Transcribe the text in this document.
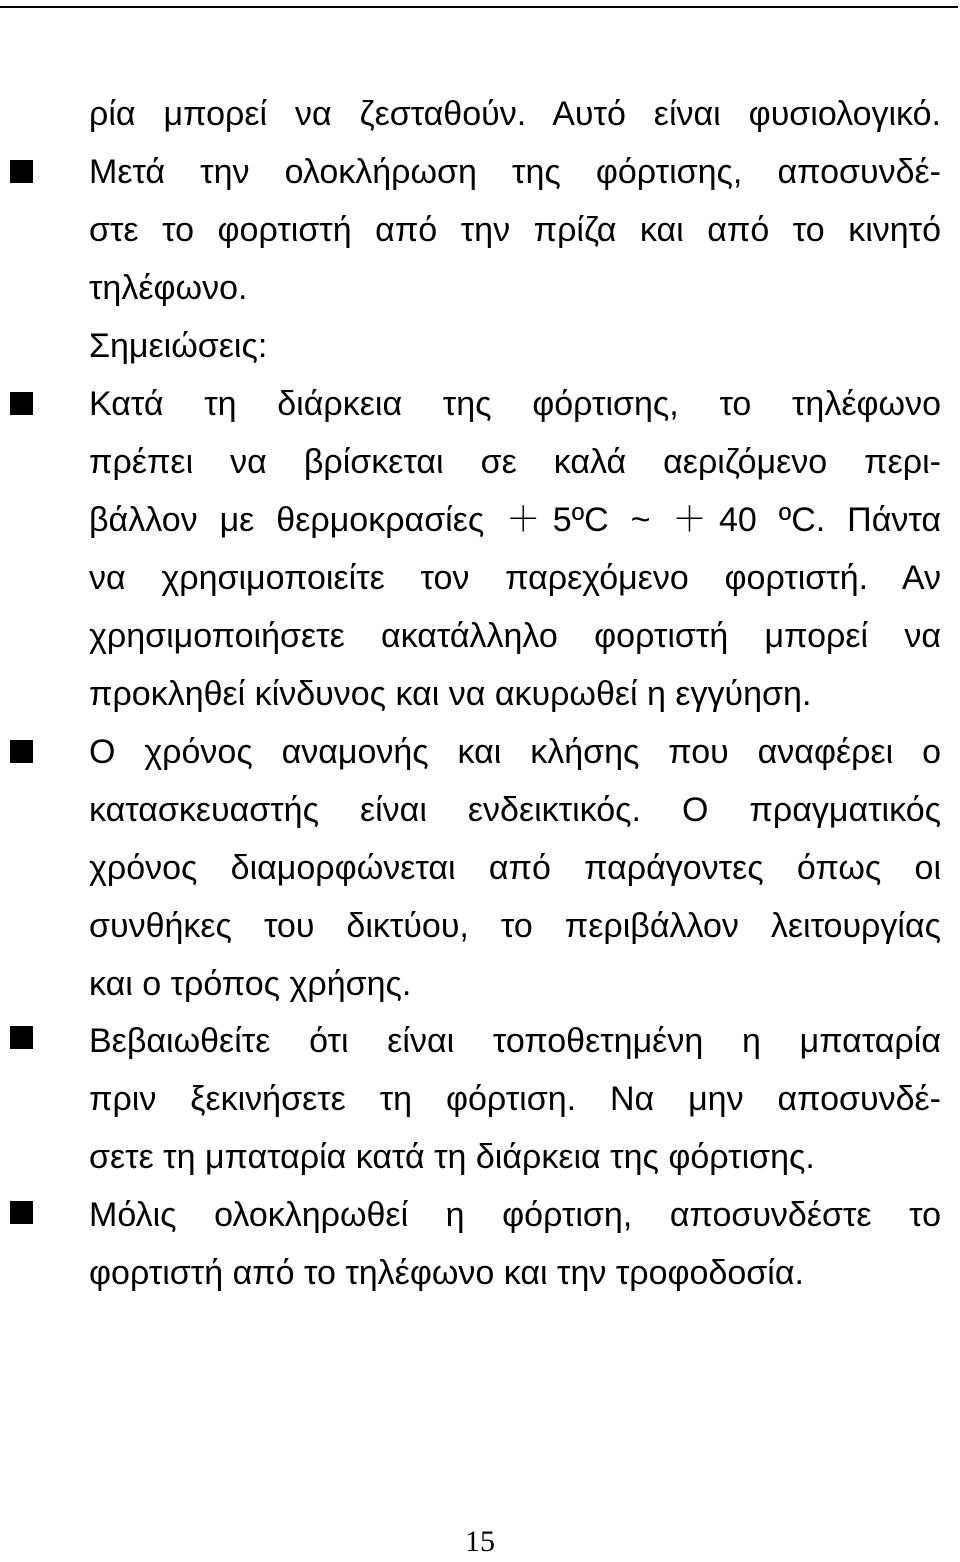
ρία μπορεί να ζεσταθούν. Αυτό είναι φυσιολογικό.
Μετά την ολοκλήρωση της φόρτισης, αποσυνδέ-
στε το φορτιστή από την πρίζα και από το κινητό
τηλέφωνο.
Σημειώσεις:
Κατά τη διάρκεια της φόρτισης, το τηλέφωνο
πρέπει να βρίσκεται σε καλά αεριζόμενο περι-
βάλλον με θερμοκρασίες ＋5ºC ~ ＋40 ºC. Πάντα
να χρησιμοποιείτε τον παρεχόμενο φορτιστή. Αν
χρησιμοποιήσετε ακατάλληλο φορτιστή μπορεί να
προκληθεί κίνδυνος και να ακυρωθεί η εγγύηση.
Ο χρόνος αναμονής και κλήσης που αναφέρει ο
κατασκευαστής είναι ενδεικτικός. Ο πραγματικός
χρόνος διαμορφώνεται από παράγοντες όπως οι
συνθήκες του δικτύου, το περιβάλλον λειτουργίας
και ο τρόπος χρήσης.
Βεβαιωθείτε ότι είναι τοποθετημένη η μπαταρία
πριν ξεκινήσετε τη φόρτιση. Να μην αποσυνδέ-
σετε τη μπαταρία κατά τη διάρκεια της φόρτισης.
Μόλις ολοκληρωθεί η φόρτιση, αποσυνδέστε το
φορτιστή από το τηλέφωνο και την τροφοδοσία.
15
